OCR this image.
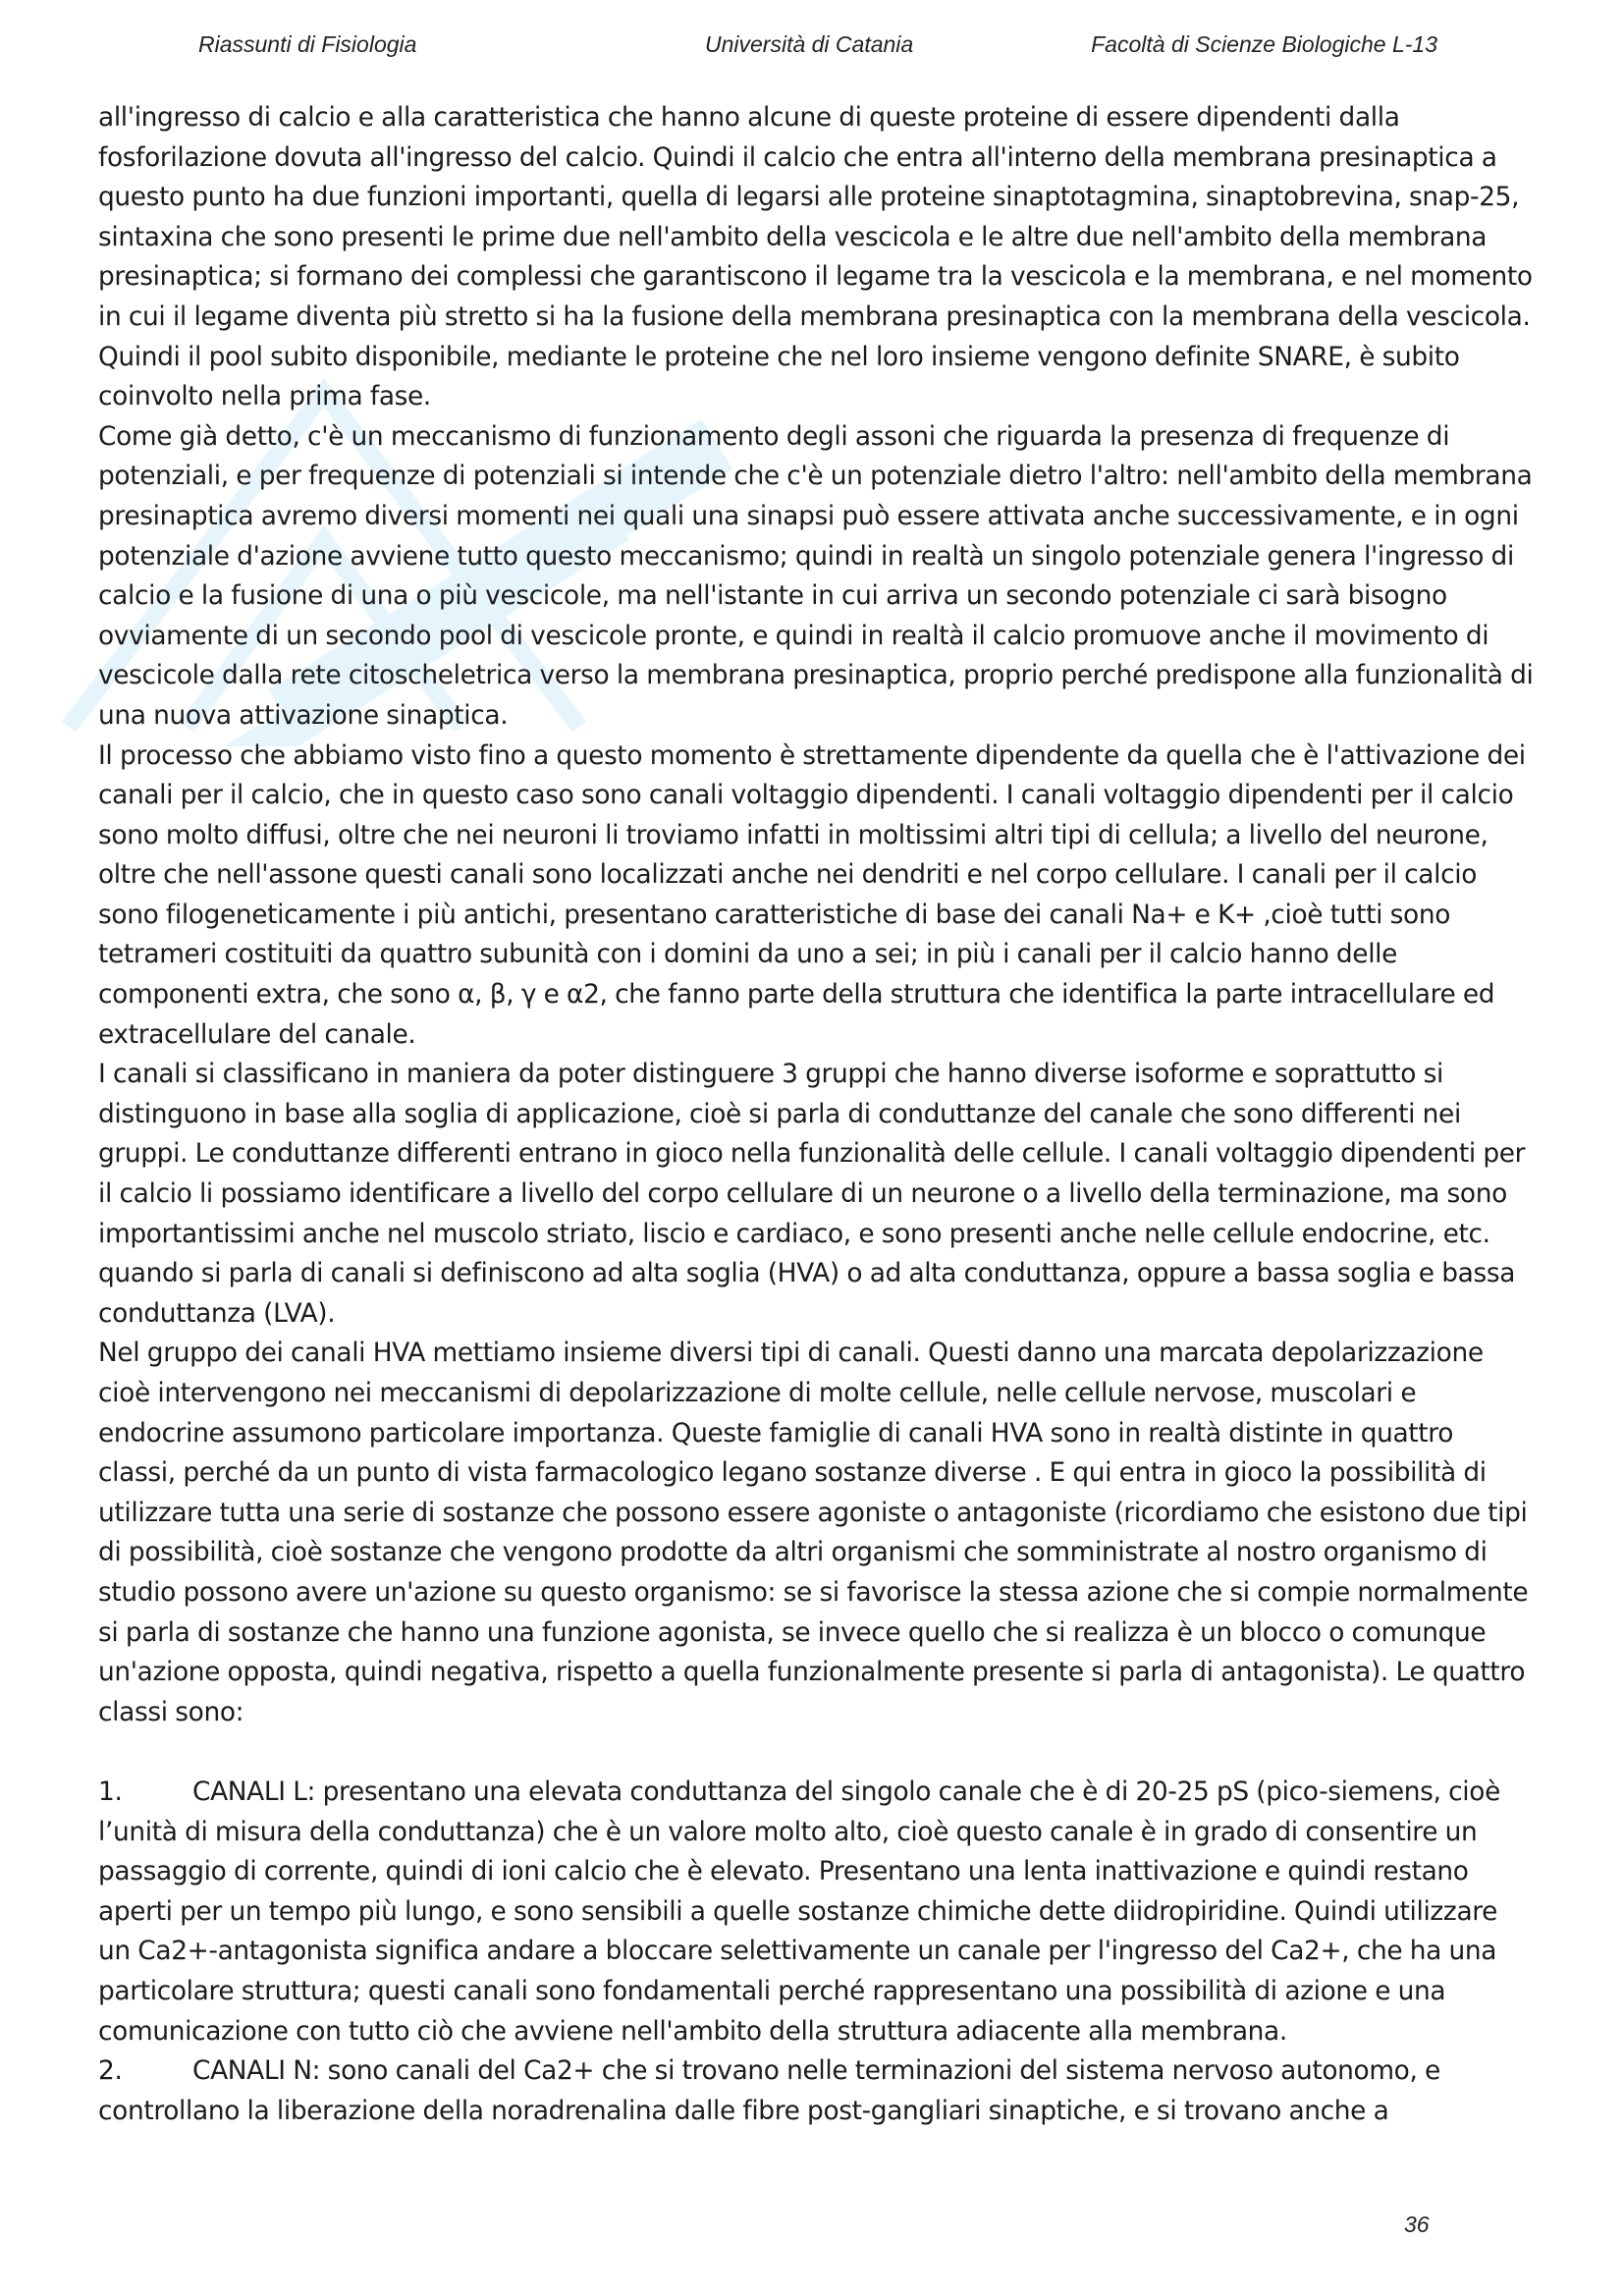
Riassunti di Fisiologia	Università di Catania	Facoltà di Scienze Biologiche L-13

all'ingresso di calcio e alla caratteristica che hanno alcune di queste proteine di essere dipendenti dalla fosforilazione dovuta all'ingresso del calcio. Quindi il calcio che entra all'interno della membrana presinaptica a questo punto ha due funzioni importanti, quella di legarsi alle proteine sinaptotagmina, sinaptobrevina, snap-25, sintaxina che sono presenti le prime due nell'ambito della vescicola e le altre due nell'ambito della membrana presinaptica; si formano dei complessi che garantiscono il legame tra la vescicola e la membrana, e nel momento in cui il legame diventa più stretto si ha la fusione della membrana presinaptica con la membrana della vescicola. Quindi il pool subito disponibile, mediante le proteine che nel loro insieme vengono definite SNARE, è subito coinvolto nella prima fase.

Come già detto, c'è un meccanismo di funzionamento degli assoni che riguarda la presenza di frequenze di potenziali, e per frequenze di potenziali si intende che c'è un potenziale dietro l'altro: nell'ambito della membrana presinaptica avremo diversi momenti nei quali una sinapsi può essere attivata anche successivamente, e in ogni potenziale d'azione avviene tutto questo meccanismo; quindi in realtà un singolo potenziale genera l'ingresso di calcio e la fusione di una o più vescicole, ma nell'istante in cui arriva un secondo potenziale ci sarà bisogno ovviamente di un secondo pool di vescicole pronte, e quindi in realtà il calcio promuove anche il movimento di vescicole dalla rete citoscheletrica verso la membrana presinaptica, proprio perché predispone alla funzionalità di una nuova attivazione sinaptica.

Il processo che abbiamo visto fino a questo momento è strettamente dipendente da quella che è l'attivazione dei canali per il calcio, che in questo caso sono canali voltaggio dipendenti. I canali voltaggio dipendenti per il calcio sono molto diffusi, oltre che nei neuroni li troviamo infatti in moltissimi altri tipi di cellula; a livello del neurone, oltre che nell'assone questi canali sono localizzati anche nei dendriti e nel corpo cellulare. I canali per il calcio sono filogeneticamente i più antichi, presentano caratteristiche di base dei canali Na+ e K+ ,cioè tutti sono tetrameri costituiti da quattro subunità con i domini da uno a sei; in più i canali per il calcio hanno delle componenti extra, che sono α, β, γ e α2, che fanno parte della struttura che identifica la parte intracellulare ed extracellulare del canale.

I canali si classificano in maniera da poter distinguere 3 gruppi che hanno diverse isoforme e soprattutto si distinguono in base alla soglia di applicazione, cioè si parla di conduttanze del canale che sono differenti nei gruppi. Le conduttanze differenti entrano in gioco nella funzionalità delle cellule. I canali voltaggio dipendenti per il calcio li possiamo identificare a livello del corpo cellulare di un neurone o a livello della terminazione, ma sono importantissimi anche nel muscolo striato, liscio e cardiaco, e sono presenti anche nelle cellule endocrine, etc. quando si parla di canali si definiscono ad alta soglia (HVA) o ad alta conduttanza, oppure a bassa soglia e bassa conduttanza (LVA).

Nel gruppo dei canali HVA mettiamo insieme diversi tipi di canali. Questi danno una marcata depolarizzazione cioè intervengono nei meccanismi di depolarizzazione di molte cellule, nelle cellule nervose, muscolari e endocrine assumono particolare importanza. Queste famiglie di canali HVA sono in realtà distinte in quattro classi, perché da un punto di vista farmacologico legano sostanze diverse . E qui entra in gioco la possibilità di utilizzare tutta una serie di sostanze che possono essere agoniste o antagoniste (ricordiamo che esistono due tipi di possibilità, cioè sostanze che vengono prodotte da altri organismi che somministrate al nostro organismo di studio possono avere un'azione su questo organismo: se si favorisce la stessa azione che si compie normalmente si parla di sostanze che hanno una funzione agonista, se invece quello che si realizza è un blocco o comunque un'azione opposta, quindi negativa, rispetto a quella funzionalmente presente si parla di antagonista). Le quattro classi sono:

1.	CANALI L: presentano una elevata conduttanza del singolo canale che è di 20-25 pS (pico-siemens, cioè l’unità di misura della conduttanza) che è un valore molto alto, cioè questo canale è in grado di consentire un passaggio di corrente, quindi di ioni calcio che è elevato. Presentano una lenta inattivazione e quindi restano aperti per un tempo più lungo, e sono sensibili a quelle sostanze chimiche dette diidropiridine. Quindi utilizzare un Ca2+-antagonista significa andare a bloccare selettivamente un canale per l'ingresso del Ca2+, che ha una particolare struttura; questi canali sono fondamentali perché rappresentano una possibilità di azione e una comunicazione con tutto ciò che avviene nell'ambito della struttura adiacente alla membrana.
2.	CANALI N: sono canali del Ca2+ che si trovano nelle terminazioni del sistema nervoso autonomo, e controllano la liberazione della noradrenalina dalle fibre post-gangliari sinaptiche, e si trovano anche a
36
